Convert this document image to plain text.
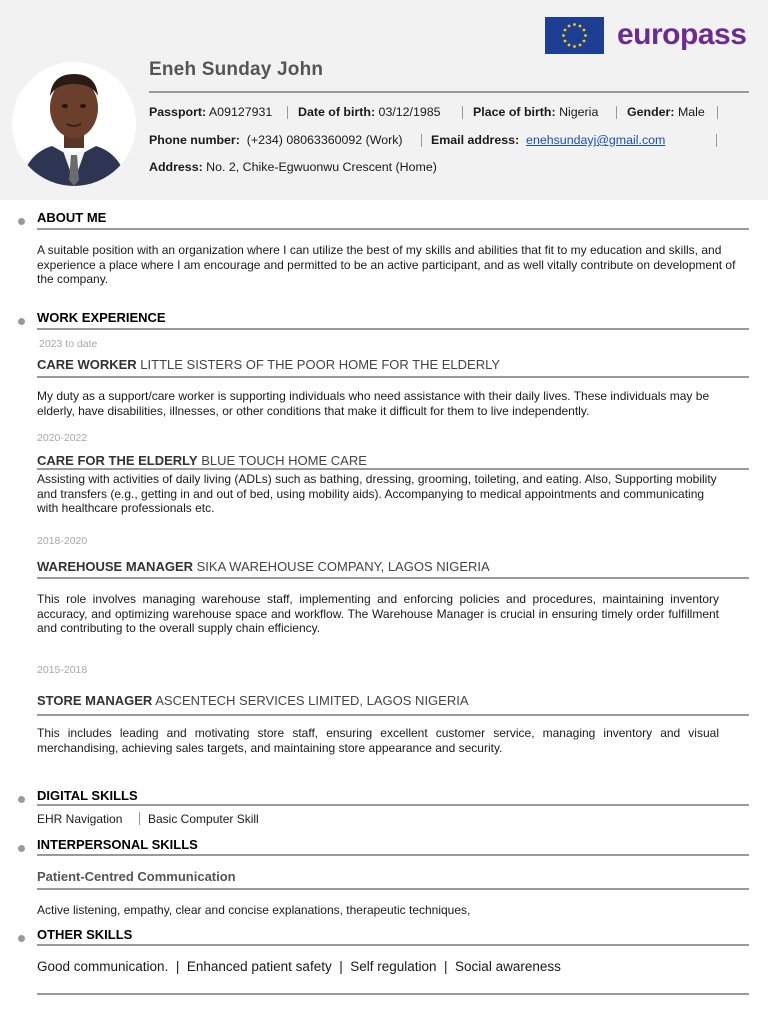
Eneh Sunday John
Passport: A09127931 Date of birth: 03/12/1985	Place of birth: Nigeria Gender: Male
Phone number: (+234) 08063360092 (Work) Email address: enehsundayj@gmail.com
Address: No. 2, Chike-Egwuonwu Crescent (Home)
europass
ABOUT ME
A suitable position with an organization where I can utilize the best of my skills and abilities that fit to my education and skills, and experience a place where I am encourage and permitted to be an active participant, and as well vitally contribute on development of the company.
WORK EXPERIENCE
2023 to date
CARE WORKER LITTLE SISTERS OF THE POOR HOME FOR THE ELDERLY
My duty as a support/care worker is supporting individuals who need assistance with their daily lives. These individuals may be elderly, have disabilities, illnesses, or other conditions that make it difficult for them to live independently.
2020-2022
CARE FOR THE ELDERLY BLUE TOUCH HOME CARE
Assisting with activities of daily living (ADLs) such as bathing, dressing, grooming, toileting, and eating. Also, Supporting mobility and transfers (e.g., getting in and out of bed, using mobility aids). Accompanying to medical appointments and communicating with healthcare professionals etc.
2018-2020
WAREHOUSE MANAGER SIKA WAREHOUSE COMPANY, LAGOS NIGERIA
This role involves managing warehouse staff, implementing and enforcing policies and procedures, maintaining inventory accuracy, and optimizing warehouse space and workflow. The Warehouse Manager is crucial in ensuring timely order fulfillment and contributing to the overall supply chain efficiency.
2015-2018
STORE MANAGER ASCENTECH SERVICES LIMITED, LAGOS NIGERIA
This includes leading and motivating store staff, ensuring excellent customer service, managing inventory and visual merchandising, achieving sales targets, and maintaining store appearance and security.
DIGITAL SKILLS
EHR Navigation Basic Computer Skill
INTERPERSONAL SKILLS
Patient-Centred Communication
Active listening, empathy, clear and concise explanations, therapeutic techniques,
OTHER SKILLS
Good communication.  |  Enhanced patient safety  |  Self regulation  |  Social awareness
